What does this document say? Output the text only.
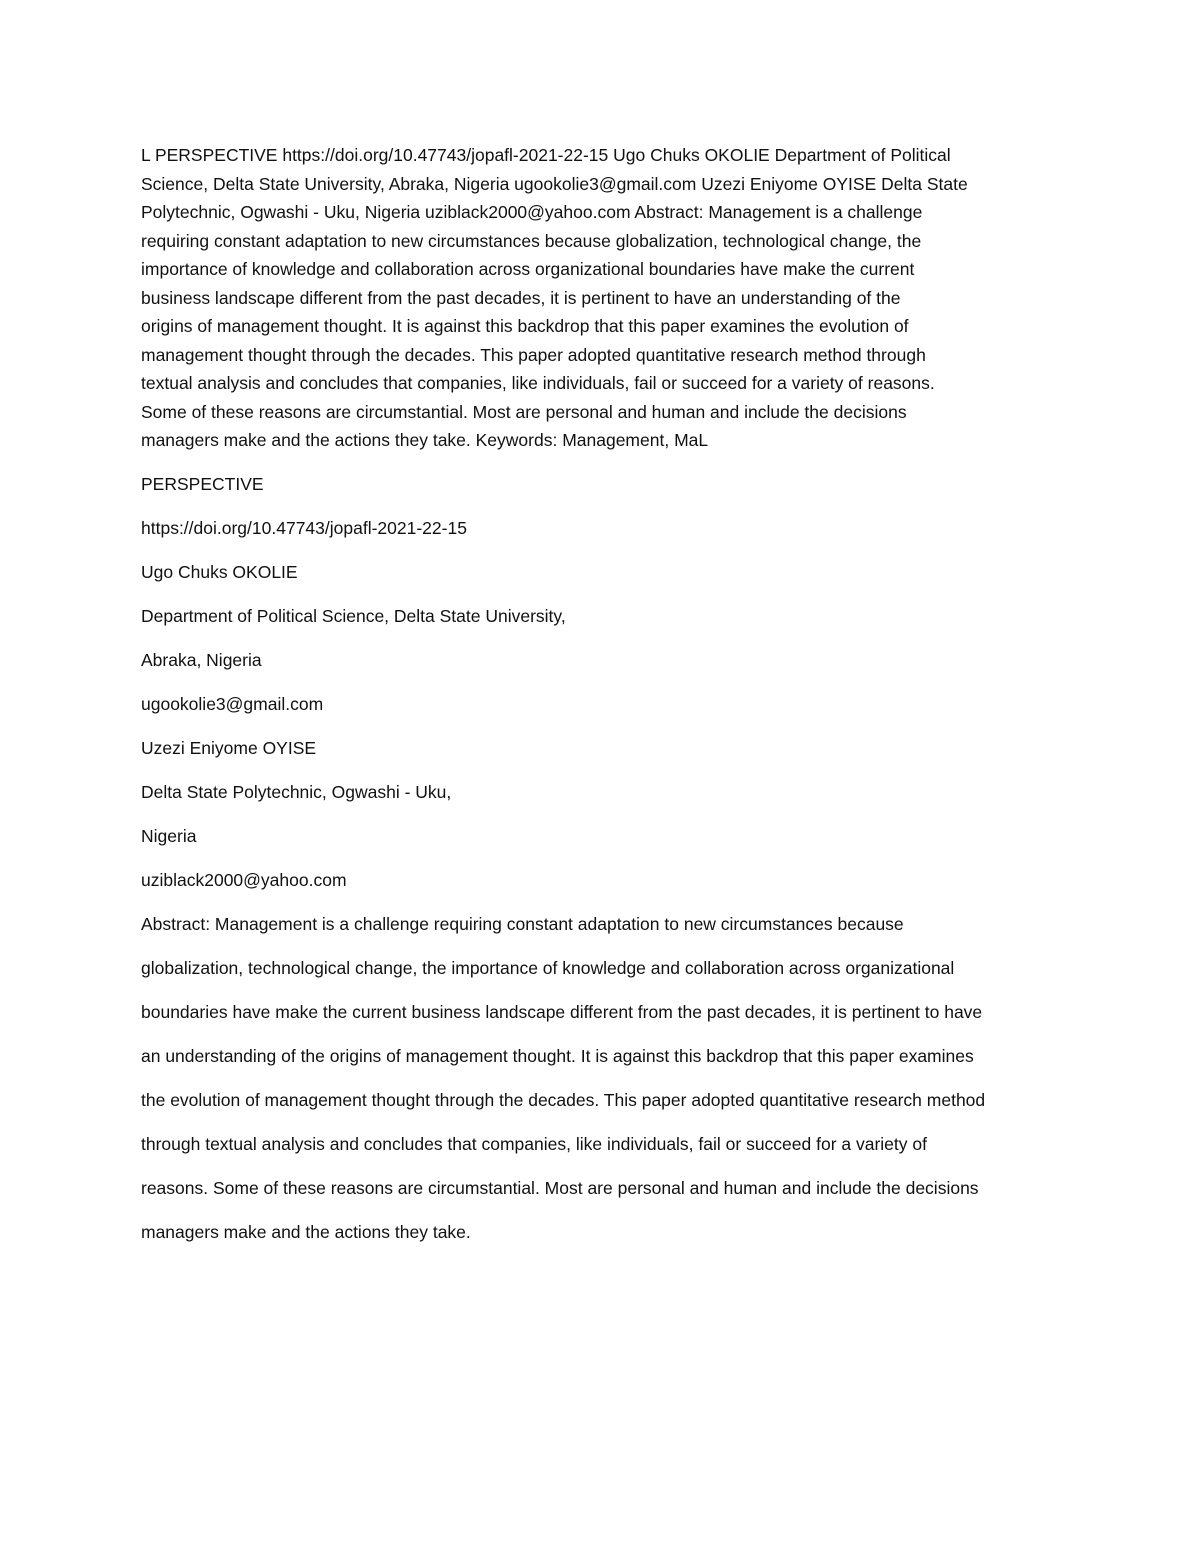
L PERSPECTIVE https://doi.org/10.47743/jopafl-2021-22-15 Ugo Chuks OKOLIE Department of Political
Science, Delta State University, Abraka, Nigeria ugookolie3@gmail.com Uzezi Eniyome OYISE Delta State
Polytechnic, Ogwashi - Uku, Nigeria uziblack2000@yahoo.com Abstract: Management is a challenge
requiring constant adaptation to new circumstances because globalization, technological change, the
importance of knowledge and collaboration across organizational boundaries have make the current
business landscape different from the past decades, it is pertinent to have an understanding of the
origins of management thought. It is against this backdrop that this paper examines the evolution of
management thought through the decades. This paper adopted quantitative research method through
textual analysis and concludes that companies, like individuals, fail or succeed for a variety of reasons.
Some of these reasons are circumstantial. Most are personal and human and include the decisions
managers make and the actions they take. Keywords: Management, MaL

PERSPECTIVE

https://doi.org/10.47743/jopafl-2021-22-15

Ugo Chuks OKOLIE

Department of Political Science, Delta State University,

Abraka, Nigeria

ugookolie3@gmail.com

Uzezi Eniyome OYISE

Delta State Polytechnic, Ogwashi - Uku,

Nigeria

uziblack2000@yahoo.com

Abstract: Management is a challenge requiring constant adaptation to new circumstances because

globalization, technological change, the importance of knowledge and collaboration across organizational

boundaries have make the current business landscape different from the past decades, it is pertinent to have

an understanding of the origins of management thought. It is against this backdrop that this paper examines

the evolution of management thought through the decades. This paper adopted quantitative research method

through textual analysis and concludes that companies, like individuals, fail or succeed for a variety of

reasons. Some of these reasons are circumstantial. Most are personal and human and include the decisions

managers make and the actions they take.
